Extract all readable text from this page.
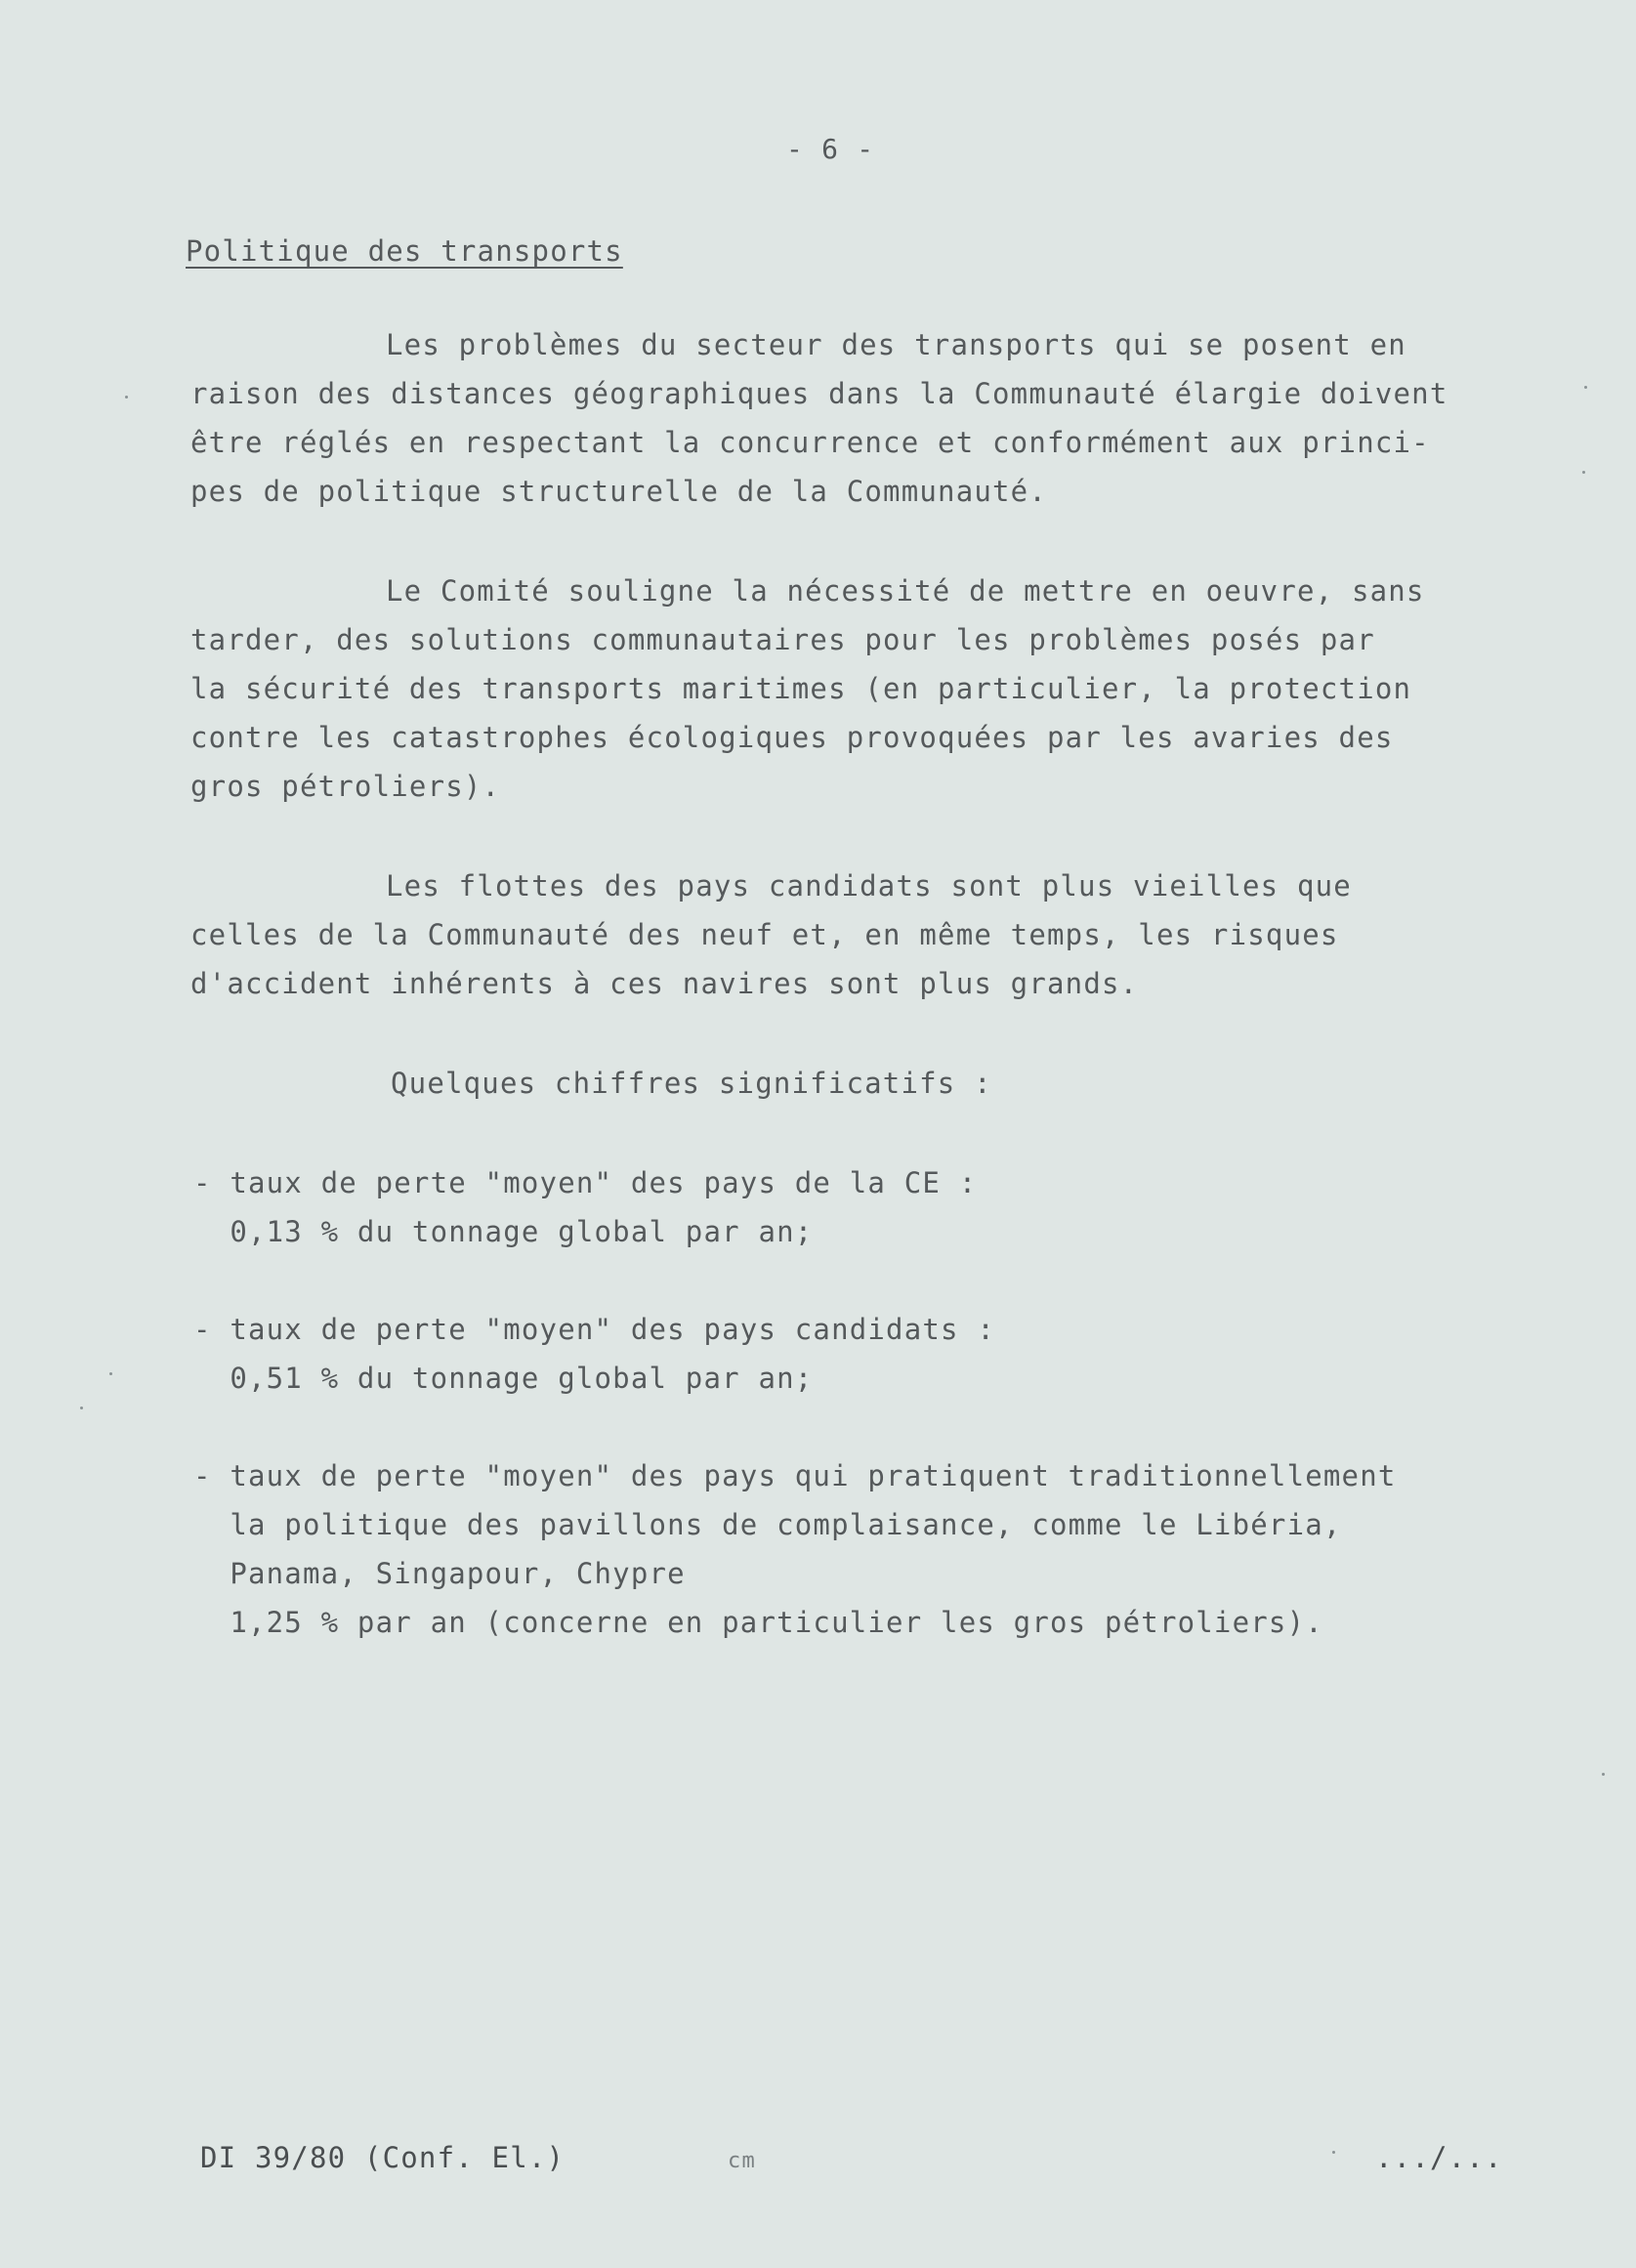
- 6 -

Politique des transports

Les problèmes du secteur des transports qui se posent en

raison des distances géographiques dans la Communauté élargie doivent

être réglés en respectant la concurrence et conformément aux princi-

pes de politique structurelle de la Communauté.

Le Comité souligne la nécessité de mettre en oeuvre, sans

tarder, des solutions communautaires pour les problèmes posés par

la sécurité des transports maritimes (en particulier, la protection

contre les catastrophes écologiques provoquées par les avaries des

gros pétroliers).

Les flottes des pays candidats sont plus vieilles que

celles de la Communauté des neuf et, en même temps, les risques

d'accident inhérents à ces navires sont plus grands.

Quelques chiffres significatifs :

- taux de perte "moyen" des pays de la CE :

0,13 % du tonnage global par an;

- taux de perte "moyen" des pays candidats :

0,51 % du tonnage global par an;

- taux de perte "moyen" des pays qui pratiquent traditionnellement

la politique des pavillons de complaisance, comme le Libéria,

Panama, Singapour, Chypre

1,25 % par an (concerne en particulier les gros pétroliers).

DI 39/80 (Conf. El.)	cm	.../...
